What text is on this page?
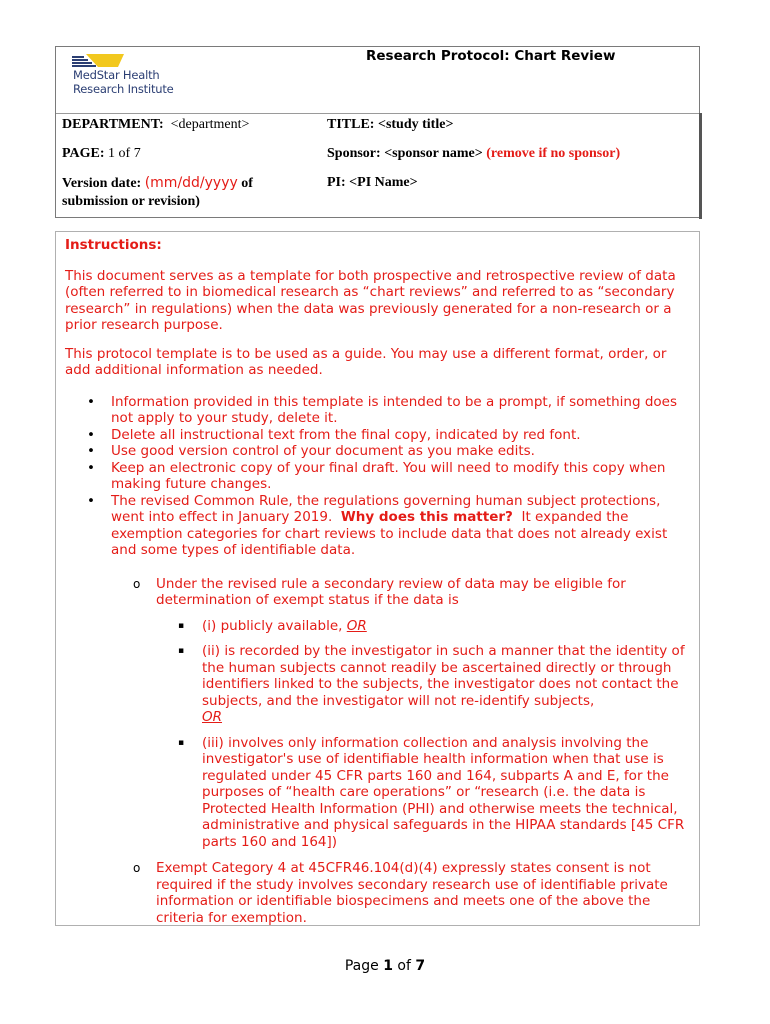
MedStar Health
Research Institute
Research Protocol: Chart Review
DEPARTMENT: <department>
PAGE: 1 of 7
Version date: (mm/dd/yyyy of
submission or revision)
TITLE: <study title>
Sponsor: <sponsor name> (remove if no sponsor)
PI: <PI Name>

Instructions:

This document serves as a template for both prospective and retrospective review of data (often referred to in biomedical research as “chart reviews” and referred to as “secondary research” in regulations) when the data was previously generated for a non-research or a prior research purpose.

This protocol template is to be used as a guide. You may use a different format, order, or add additional information as needed.

• Information provided in this template is intended to be a prompt, if something does not apply to your study, delete it.
• Delete all instructional text from the final copy, indicated by red font.
• Use good version control of your document as you make edits.
• Keep an electronic copy of your final draft. You will need to modify this copy when making future changes.
• The revised Common Rule, the regulations governing human subject protections, went into effect in January 2019. Why does this matter? It expanded the exemption categories for chart reviews to include data that does not already exist and some types of identifiable data.
o Under the revised rule a secondary review of data may be eligible for determination of exempt status if the data is
▪ (i) publicly available, OR
▪ (ii) is recorded by the investigator in such a manner that the identity of the human subjects cannot readily be ascertained directly or through identifiers linked to the subjects, the investigator does not contact the subjects, and the investigator will not re-identify subjects,
OR
▪ (iii) involves only information collection and analysis involving the investigator's use of identifiable health information when that use is regulated under 45 CFR parts 160 and 164, subparts A and E, for the purposes of “health care operations” or “research (i.e. the data is Protected Health Information (PHI) and otherwise meets the technical, administrative and physical safeguards in the HIPAA standards [45 CFR parts 160 and 164])
o Exempt Category 4 at 45CFR46.104(d)(4) expressly states consent is not required if the study involves secondary research use of identifiable private information or identifiable biospecimens and meets one of the above the criteria for exemption.
Page 1 of 7
